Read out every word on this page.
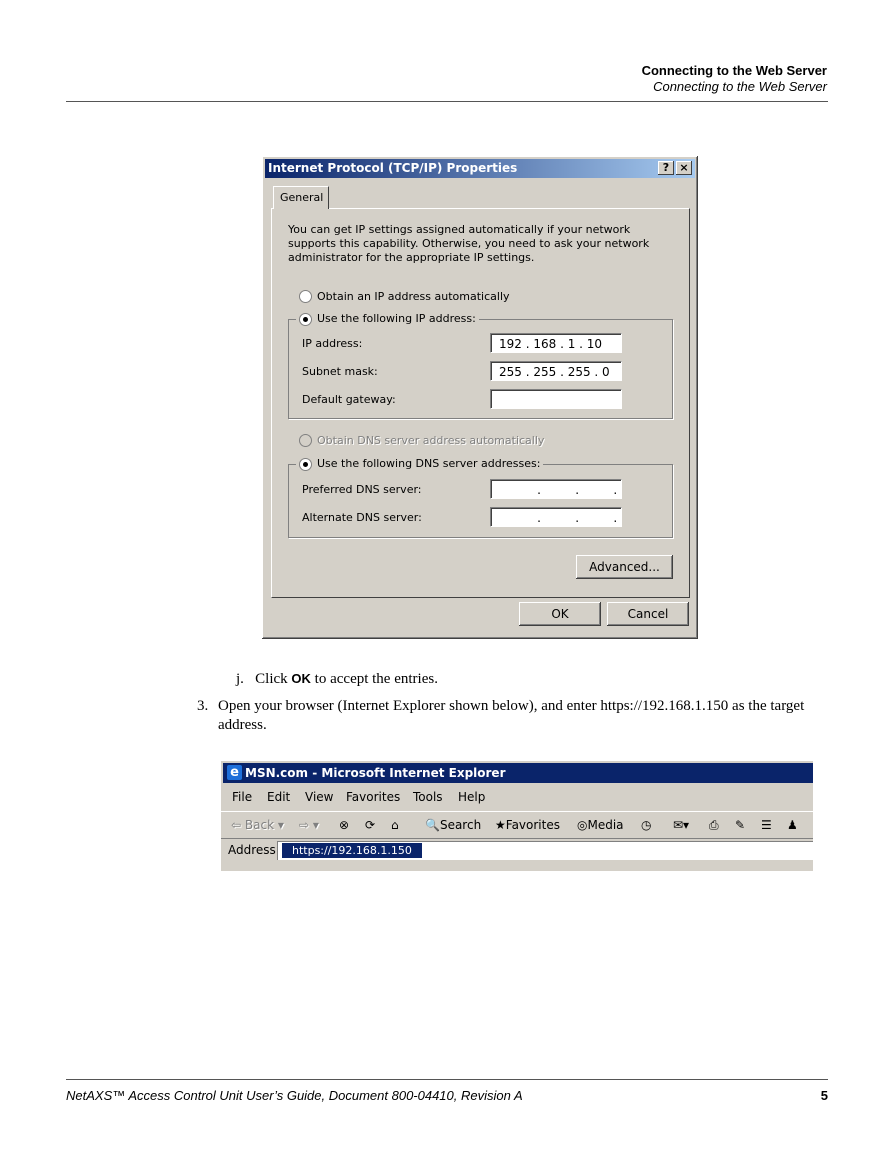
Connecting to the Web Server
Connecting to the Web Server
Internet Protocol (TCP/IP) Properties	? ×
General
You can get IP settings assigned automatically if your network supports this capability. Otherwise, you need to ask your network administrator for the appropriate IP settings.
Obtain an IP address automatically
Use the following IP address:
IP address:	192 . 168 . 1 . 10
Subnet mask:	255 . 255 . 255 . 0
Default gateway:
Obtain DNS server address automatically
Use the following DNS server addresses:
Preferred DNS server:	.         .         .
Alternate DNS server:	.         .         .
Advanced...
OK	Cancel
j. Click OK to accept the entries.
3. Open your browser (Internet Explorer shown below), and enter https://192.168.1.150 as the target address.
e MSN.com - Microsoft Internet Explorer
File Edit View Favorites Tools Help
⇦ Back ▾ ⇨ ▾ ⊗ ⟳ ⌂ 🔍Search ★Favorites ◎Media ◷ ✉▾ ⎙ ✎ ☰ ♟
Address	https://192.168.1.150
NetAXS™ Access Control Unit User’s Guide, Document 800-04410, Revision A	5
